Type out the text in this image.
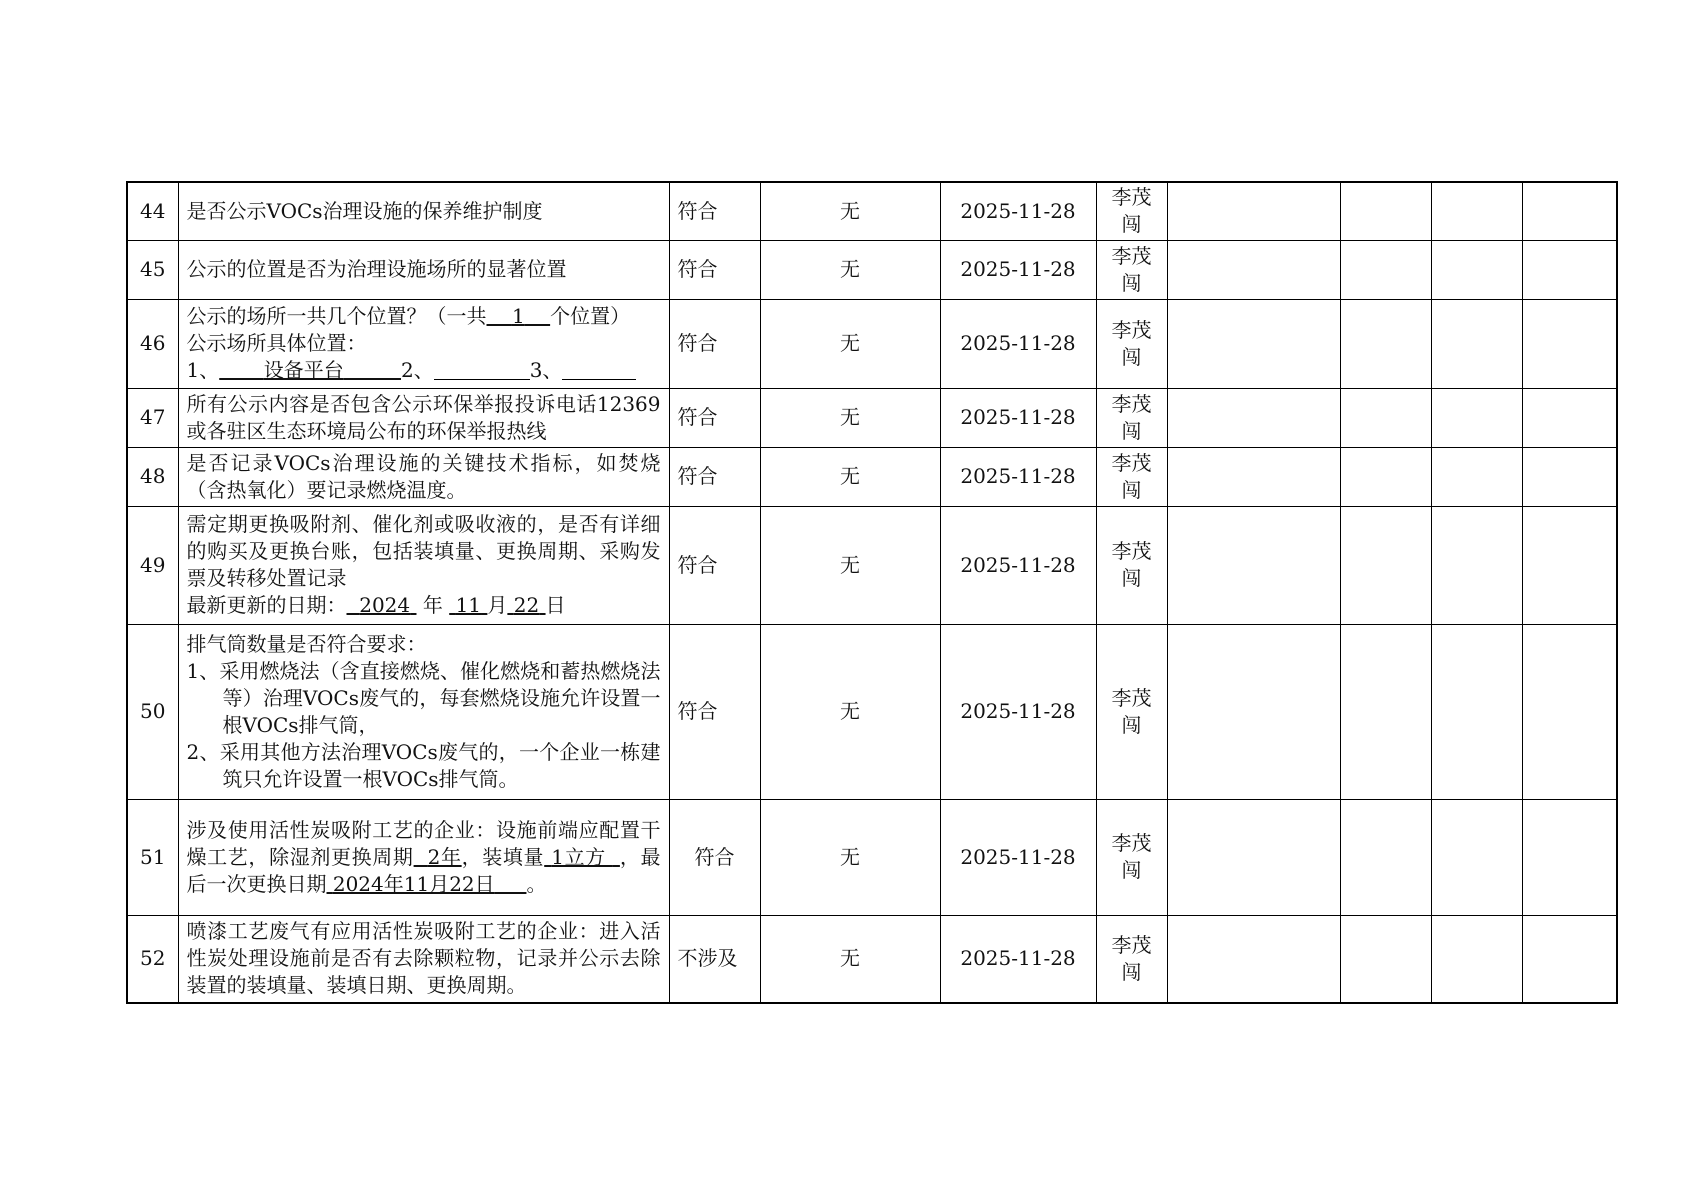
44	是否公示VOCs治理设施的保养维护制度	符合	无	2025-11-28	李茂闯				
45	公示的位置是否为治理设施场所的显著位置	符合	无	2025-11-28	李茂闯				
46	公示的场所一共几个位置？（一共 1 个位置）
公示场所具体位置：
1、 设备平台 2、 3、	符合	无	2025-11-28	李茂闯				
47	所有公示内容是否包含公示环保举报投诉电话12369或各驻区生态环境局公布的环保举报热线	符合	无	2025-11-28	李茂闯				
48	是否记录VOCs治理设施的关键技术指标，如焚烧（含热氧化）要记录燃烧温度。	符合	无	2025-11-28	李茂闯				
49	需定期更换吸附剂、催化剂或吸收液的，是否有详细的购买及更换台账，包括装填量、更换周期、采购发票及转移处置记录
最新更新的日期： 2024 年 11 月 22 日	符合	无	2025-11-28	李茂闯				
50	排气筒数量是否符合要求：
1、采用燃烧法（含直接燃烧、催化燃烧和蓄热燃烧法等）治理VOCs废气的，每套燃烧设施允许设置一根VOCs排气筒，
2、采用其他方法治理VOCs废气的，一个企业一栋建筑只允许设置一根VOCs排气筒。	符合	无	2025-11-28	李茂闯				
51	涉及使用活性炭吸附工艺的企业：设施前端应配置干燥工艺，除湿剂更换周期 2年，装填量 1立方  ，最后一次更换日期 2024年11月22日 。	符合	无	2025-11-28	李茂闯				
52	喷漆工艺废气有应用活性炭吸附工艺的企业：进入活性炭处理设施前是否有去除颗粒物，记录并公示去除装置的装填量、装填日期、更换周期。	不涉及	无	2025-11-28	李茂闯				
